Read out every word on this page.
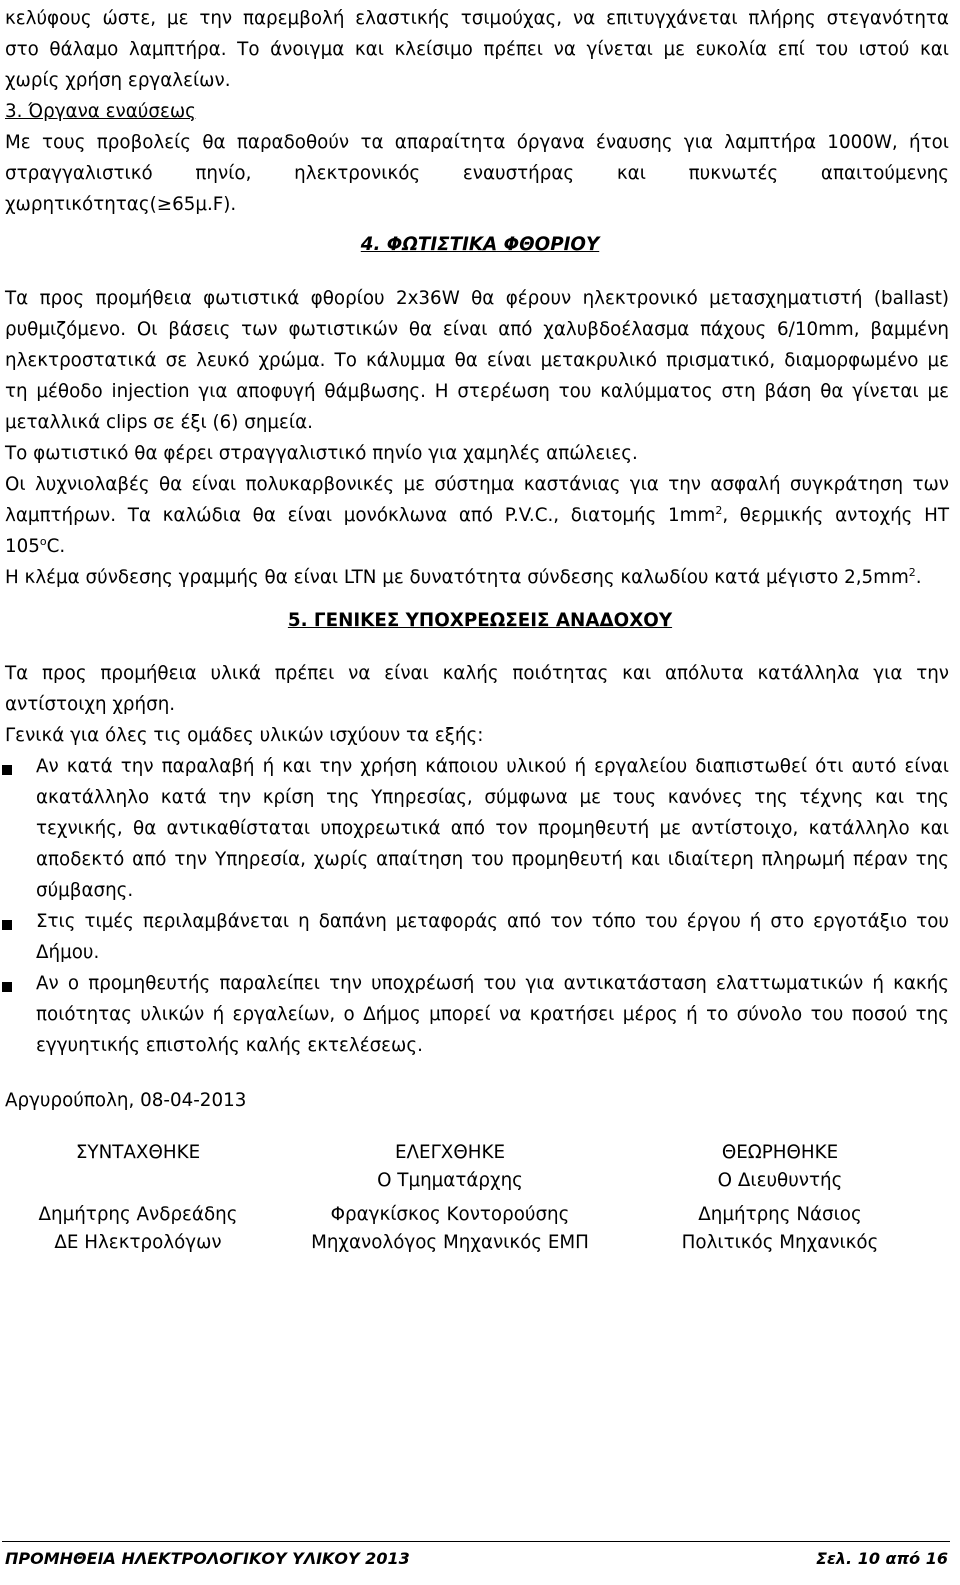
κελύφους ώστε, με την παρεμβολή ελαστικής τσιμούχας, να επιτυγχάνεται πλήρης στεγανότητα
στο θάλαμο λαμπτήρα. Το άνοιγμα και κλείσιμο πρέπει να γίνεται με ευκολία επί του ιστού και
χωρίς χρήση εργαλείων.
3. Όργανα εναύσεως
Με τους προβολείς θα παραδοθούν τα απαραίτητα όργανα έναυσης για λαμπτήρα 1000W, ήτοι
στραγγαλιστικό πηνίο, ηλεκτρονικός εναυστήρας και πυκνωτές απαιτούμενης
χωρητικότητας(≥65μ.F).
4. ΦΩΤΙΣΤΙΚΑ ΦΘΟΡΙΟΥ
Τα προς προμήθεια φωτιστικά φθορίου 2x36W θα φέρουν ηλεκτρονικό μετασχηματιστή (ballast)
ρυθμιζόμενο. Οι βάσεις των φωτιστικών θα είναι από χαλυβδοέλασμα πάχους 6/10mm, βαμμένη
ηλεκτροστατικά σε λευκό χρώμα. Το κάλυμμα θα είναι μετακρυλικό πρισματικό, διαμορφωμένο με
τη μέθοδο injection για αποφυγή θάμβωσης. Η στερέωση του καλύμματος στη βάση θα γίνεται με
μεταλλικά clips σε έξι (6) σημεία.
Το φωτιστικό θα φέρει στραγγαλιστικό πηνίο για χαμηλές απώλειες.
Οι λυχνιολαβές θα είναι πολυκαρβονικές με σύστημα καστάνιας για την ασφαλή συγκράτηση των
λαμπτήρων. Τα καλώδια θα είναι μονόκλωνα από P.V.C., διατομής $1mm^2$, θερμικής αντοχής HT
105$^o$C.
Η κλέμα σύνδεσης γραμμής θα είναι LTN με δυνατότητα σύνδεσης καλωδίου κατά μέγιστο $2,5mm^2$.
5. ΓΕΝΙΚΕΣ ΥΠΟΧΡΕΩΣΕΙΣ ΑΝΑΔΟΧΟΥ
Τα προς προμήθεια υλικά πρέπει να είναι καλής ποιότητας και απόλυτα κατάλληλα για την
αντίστοιχη χρήση.
Γενικά για όλες τις ομάδες υλικών ισχύουν τα εξής:
Αν κατά την παραλαβή ή και την χρήση κάποιου υλικού ή εργαλείου διαπιστωθεί ότι αυτό είναι
ακατάλληλο κατά την κρίση της Υπηρεσίας, σύμφωνα με τους κανόνες της τέχνης και της
τεχνικής, θα αντικαθίσταται υποχρεωτικά από τον προμηθευτή με αντίστοιχο, κατάλληλο και
αποδεκτό από την Υπηρεσία, χωρίς απαίτηση του προμηθευτή και ιδιαίτερη πληρωμή πέραν της
σύμβασης.
Στις τιμές περιλαμβάνεται η δαπάνη μεταφοράς από τον τόπο του έργου ή στο εργοτάξιο του
Δήμου.
Αν ο προμηθευτής παραλείπει την υποχρέωσή του για αντικατάσταση ελαττωματικών ή κακής
ποιότητας υλικών ή εργαλείων, ο Δήμος μπορεί να κρατήσει μέρος ή το σύνολο του ποσού της
εγγυητικής επιστολής καλής εκτελέσεως.
Αργυρούπολη, 08-04-2013
ΣΥΝΤΑΧΘΗΚΕ
Δημήτρης Ανδρεάδης
ΔΕ Ηλεκτρολόγων
ΕΛΕΓΧΘΗΚΕ
Ο Τμηματάρχης
Φραγκίσκος Κοντορούσης
Μηχανολόγος Μηχανικός ΕΜΠ
ΘΕΩΡΗΘΗΚΕ
Ο Διευθυντής
Δημήτρης Νάσιος
Πολιτικός Μηχανικός
ΠΡΟΜΗΘΕΙΑ ΗΛΕΚΤΡΟΛΟΓΙΚΟΥ ΥΛΙΚΟΥ 2013	Σελ. 10 από 16
